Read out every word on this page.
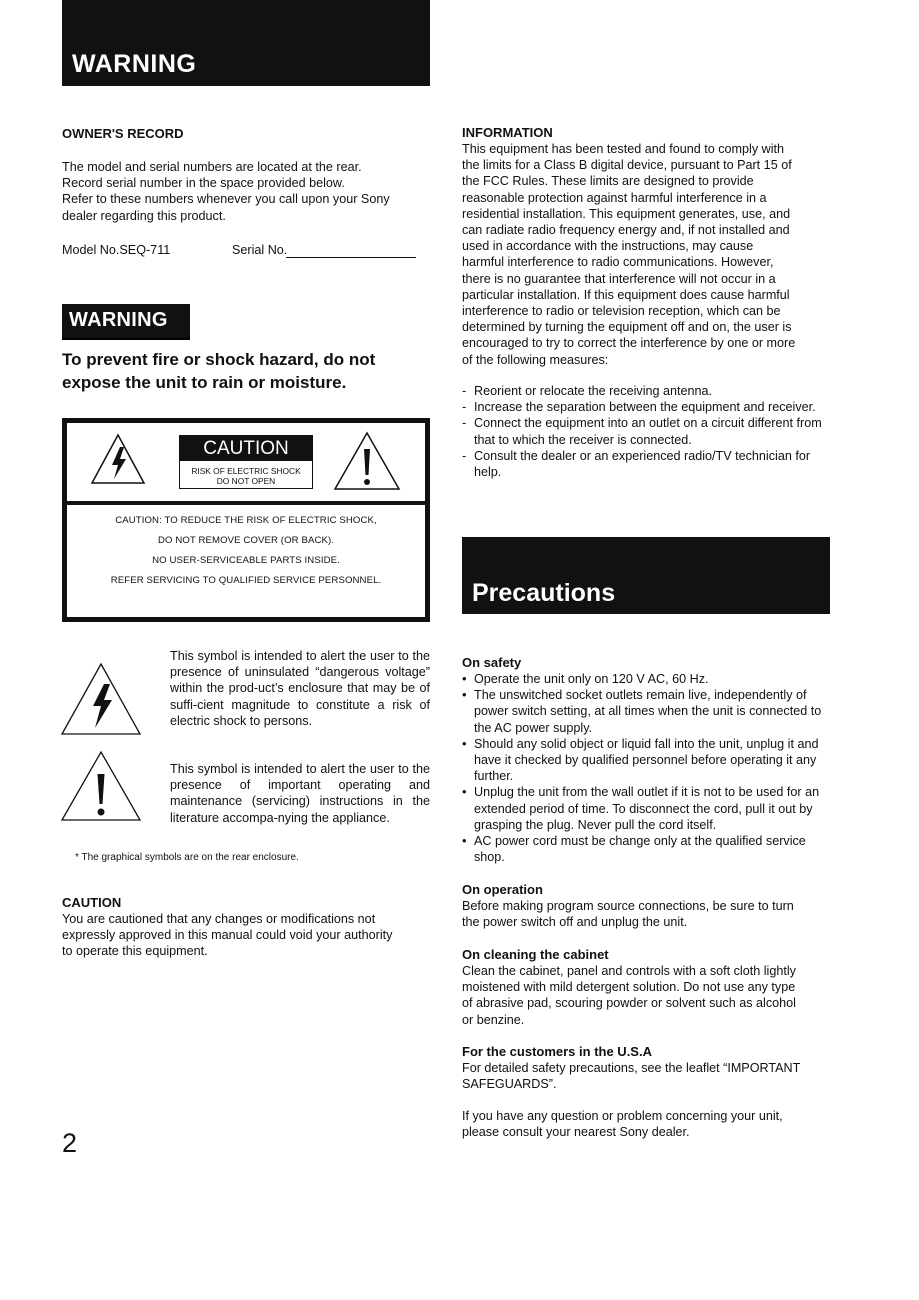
WARNING
OWNER'S RECORD

The model and serial numbers are located at the rear.

Record serial number in the space provided below.

Refer to these numbers whenever you call upon your Sony

dealer regarding this product.

Model No.SEQ-711	Serial No.
WARNING
To prevent fire or shock hazard, do not
expose the unit to rain or moisture.
CAUTION
RISK OF ELECTRIC SHOCK
DO NOT OPEN
CAUTION: TO REDUCE THE RISK OF ELECTRIC SHOCK,
DO NOT REMOVE COVER (OR BACK).
NO USER-SERVICEABLE PARTS INSIDE.
REFER SERVICING TO QUALIFIED SERVICE PERSONNEL.
This symbol is intended to alert the user to the presence of uninsulated “dangerous voltage” within the prod-uct’s enclosure that may be of suffi-cient magnitude to constitute a risk of electric shock to persons.
This symbol is intended to alert the user to the presence of important operating and maintenance (servicing) instructions in the literature accompa-nying the appliance.
* The graphical symbols are on the rear enclosure.
CAUTION

You are cautioned that any changes or modifications not

expressly approved in this manual could void your authority

to operate this equipment.

2
INFORMATION

This equipment has been tested and found to comply with

the limits for a Class B digital device, pursuant to Part 15 of

the FCC Rules. These limits are designed to provide

reasonable protection against harmful interference in a

residential installation. This equipment generates, use, and

can radiate radio frequency energy and, if not installed and

used in accordance with the instructions, may cause

harmful interference to radio communications. However,

there is no guarantee that interference will not occur in a

particular installation. If this equipment does cause harmful

interference to radio or television reception, which can be

determined by turning the equipment off and on, the user is

encouraged to try to correct the interference by one or more

of the following measures:

- Reorient or relocate the receiving antenna.
- Increase the separation between the equipment and receiver.
- Connect the equipment into an outlet on a circuit different from that to which the receiver is connected.
- Consult the dealer or an experienced radio/TV technician for help.
Precautions
On safety
• Operate the unit only on 120 V AC, 60 Hz.
• The unswitched socket outlets remain live, independently of power switch setting, at all times when the unit is connected to the AC power supply.
• Should any solid object or liquid fall into the unit, unplug it and have it checked by qualified personnel before operating it any further.
• Unplug the unit from the wall outlet if it is not to be used for an extended period of time. To disconnect the cord, pull it out by grasping the plug. Never pull the cord itself.
• AC power cord must be change only at the qualified service shop.
On operation

Before making program source connections, be sure to turn

the power switch off and unplug the unit.

On cleaning the cabinet

Clean the cabinet, panel and controls with a soft cloth lightly

moistened with mild detergent solution. Do not use any type

of abrasive pad, scouring powder or solvent such as alcohol

or benzine.

For the customers in the U.S.A

For detailed safety precautions, see the leaflet “IMPORTANT

SAFEGUARDS”.

If you have any question or problem concerning your unit,

please consult your nearest Sony dealer.
